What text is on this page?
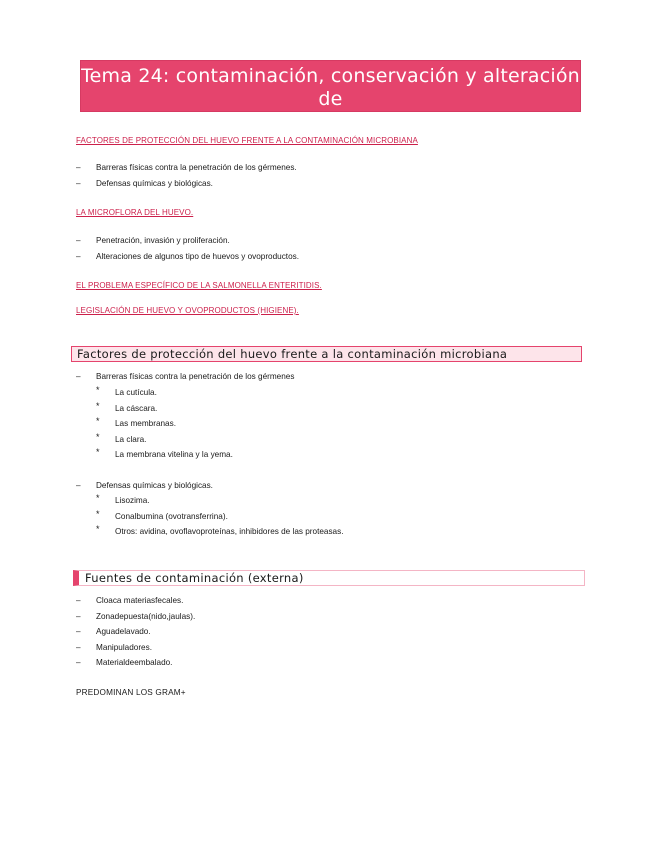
Tema 24: contaminación, conservación y alteración de
huevos y ovoproductos.
FACTORES DE PROTECCIÓN DEL HUEVO FRENTE A LA CONTAMINACIÓN MICROBIANA
– Barreras físicas contra la penetración de los gérmenes.
– Defensas químicas y biológicas.
LA MICROFLORA DEL HUEVO.
– Penetración, invasión y proliferación.
– Alteraciones de algunos tipo de huevos y ovoproductos.
EL PROBLEMA ESPECÍFICO DE LA SALMONELLA ENTERITIDIS.
LEGISLACIÓN DE HUEVO Y OVOPRODUCTOS (HIGIENE).
Factores de protección del huevo frente a la contaminación microbiana
– Barreras físicas contra la penetración de los gérmenes
* La cutícula.
* La cáscara.
* Las membranas.
* La clara.
* La membrana vitelina y la yema.
– Defensas químicas y biológicas.
* Lisozima.
* Conalbumina (ovotransferrina).
* Otros: avidina, ovoflavoproteínas, inhibidores de las proteasas.
Fuentes de contaminación (externa)
– Cloaca materiasfecales.
– Zonadepuesta(nido,jaulas).
– Aguadelavado.
– Manipuladores.
– Materialdeembalado.
PREDOMINAN LOS GRAM+
